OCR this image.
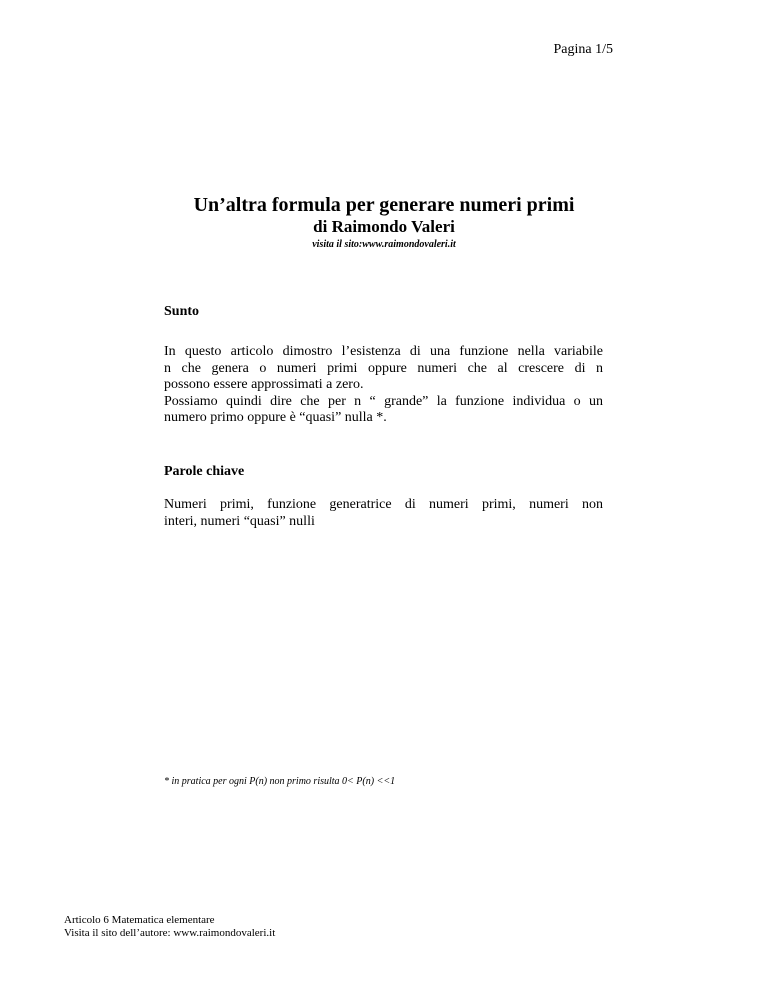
Pagina 1/5
Un’altra formula per generare numeri primi
di Raimondo Valeri
visita il sito:www.raimondovaleri.it
Sunto
In questo articolo dimostro l’esistenza di una funzione nella variabile
n che genera o numeri primi oppure numeri che al crescere di n
possono essere approssimati a zero.
Possiamo quindi dire che per n “ grande” la funzione individua o un
numero primo oppure è “quasi” nulla *.
Parole chiave
Numeri primi, funzione generatrice di numeri primi, numeri non
interi, numeri “quasi” nulli
* in pratica per ogni P(n) non primo risulta 0< P(n) <<1
Articolo 6 Matematica elementare
Visita il sito dell’autore: www.raimondovaleri.it
